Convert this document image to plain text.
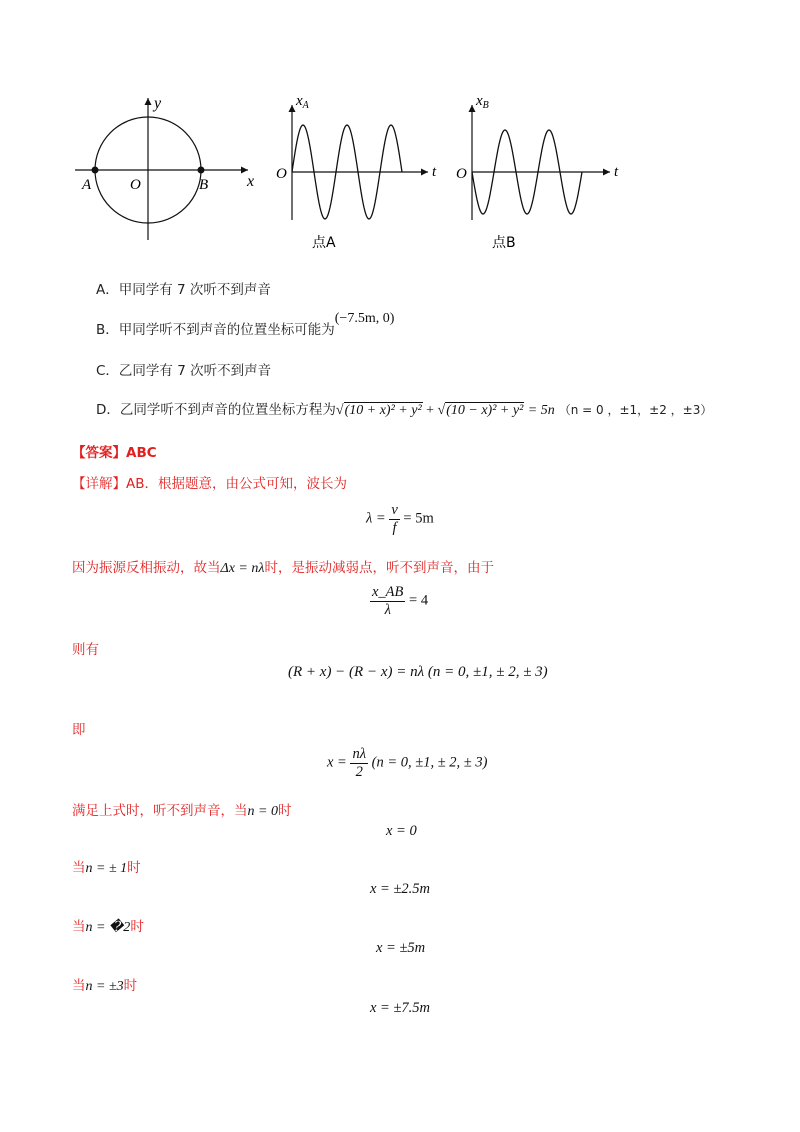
y
x
A	O	B
$x_A$
O	t
点A
$x_B$
O	t
点B
A．甲同学有 7 次听不到声音
B．甲同学听不到声音的位置坐标可能为(−7.5m, 0)
C．乙同学有 7 次听不到声音
D．乙同学听不到声音的位置坐标方程为√(10 + x)² + y² + √(10 − x)² + y² = 5n （n = 0 ，±1，±2 ，±3）
【答案】ABC
【详解】AB．根据题意，由公式可知，波长为
$\lambda = \frac{v}{f} = 5m$
因为振源反相振动，故当Δx = nλ时，是振动减弱点，听不到声音，由于
$\frac{x\_AB}{\lambda} = 4$
则有
(R + x) − (R − x) = nλ (n = 0, ±1, ± 2, ± 3)
即
$x = \frac{n\lambda}{2} (n = 0$, ±1, ± 2, ± 3)
满足上式时，听不到声音，当n = 0时
x = 0
当n = ± 1时
x = ±2.5m
当n = �2时
x = ±5m
当n = ±3时
x = ±7.5m
